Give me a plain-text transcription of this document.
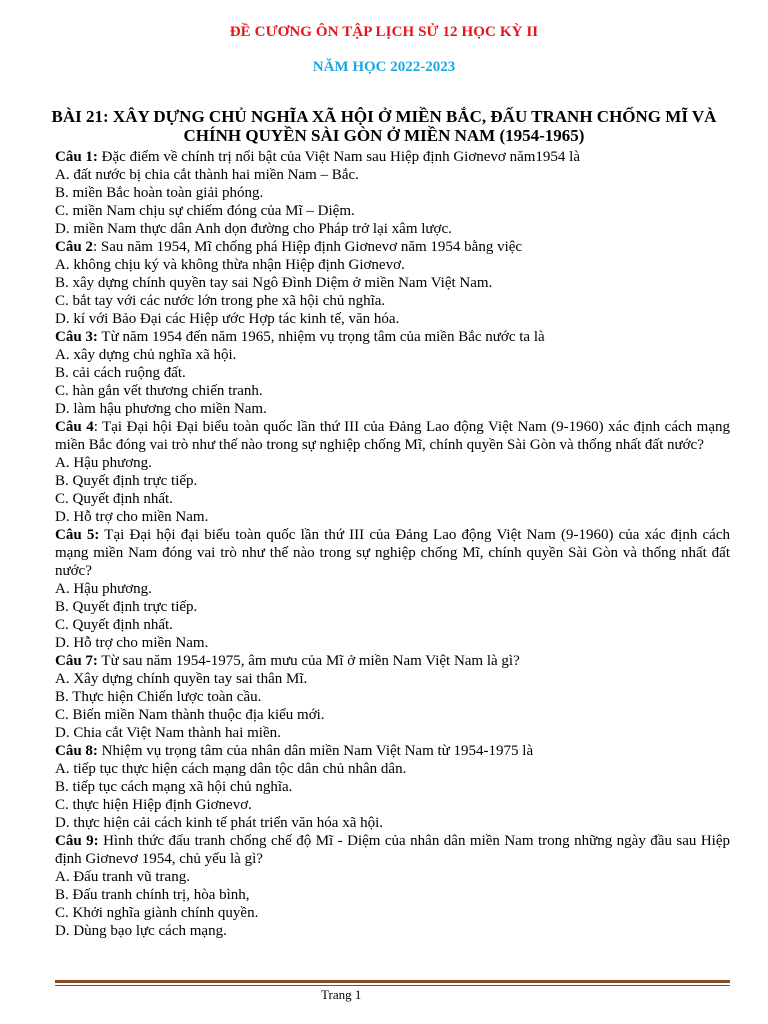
ĐỀ CƯƠNG ÔN TẬP LỊCH SỬ 12 HỌC KỲ II
NĂM HỌC 2022-2023
BÀI 21: XÂY DỰNG CHỦ NGHĨA XÃ HỘI Ở MIỀN BẮC, ĐẤU TRANH CHỐNG MĨ VÀ CHÍNH QUYỀN SÀI GÒN Ở MIỀN NAM (1954-1965)
Câu 1: Đặc điểm về chính trị nổi bật của Việt Nam sau Hiệp định Giơnevơ năm1954 là
A. đất nước bị chia cắt thành hai miền Nam – Bắc.
B. miền Bắc hoàn toàn giải phóng.
C. miền Nam chịu sự chiếm đóng của Mĩ – Diệm.
D. miền Nam thực dân Anh dọn đường cho Pháp trở lại xâm lược.
Câu 2: Sau năm 1954, Mĩ chống phá Hiệp định Giơnevơ năm 1954 bằng việc
A. không chịu ký và không thừa nhận Hiệp định Giơnevơ.
B. xây dựng chính quyền tay sai Ngô Đình Diệm ở miền Nam Việt Nam.
C. bắt tay với các nước lớn trong phe xã hội chủ nghĩa.
D. kí với Bảo Đại các Hiệp ước Hợp tác kinh tế, văn hóa.
Câu 3: Từ năm 1954 đến năm 1965, nhiệm vụ trọng tâm của miền Bắc nước ta là
A. xây dựng chủ nghĩa xã hội.
B. cải cách ruộng đất.
C. hàn gắn vết thương chiến tranh.
D. làm hậu phương cho miền Nam.
Câu 4: Tại Đại hội Đại biểu toàn quốc lần thứ III của Đảng Lao động Việt Nam (9-1960) xác định cách mạng miền Bắc đóng vai trò như thế nào trong sự nghiệp chống Mĩ, chính quyền Sài Gòn và thống nhất đất nước?
A. Hậu phương.
B. Quyết định trực tiếp.
C. Quyết định nhất.
D. Hỗ trợ cho miền Nam.
Câu 5: Tại Đại hội đại biểu toàn quốc lần thứ III của Đảng Lao động Việt Nam (9-1960) của xác định cách mạng miền Nam đóng vai trò như thế nào trong sự nghiệp chống Mĩ, chính quyền Sài Gòn và thống nhất đất nước?
A. Hậu phương.
B. Quyết định trực tiếp.
C. Quyết định nhất.
D. Hỗ trợ cho miền Nam.
Câu 7: Từ sau năm 1954-1975, âm mưu của Mĩ ở miền Nam Việt Nam là gì?
A. Xây dựng chính quyền tay sai thân Mĩ.
B. Thực hiện Chiến lược toàn cầu.
C. Biến miền Nam thành thuộc địa kiểu mới.
D. Chia cắt Việt Nam thành hai miền.
Câu 8: Nhiệm vụ trọng tâm của nhân dân miền Nam Việt Nam từ 1954-1975 là
A. tiếp tục thực hiện cách mạng dân tộc dân chủ nhân dân.
B. tiếp tục cách mạng xã hội chủ nghĩa.
C. thực hiện Hiệp định Giơnevơ.
D. thực hiện cải cách kinh tế phát triển văn hóa xã hội.
Câu 9: Hình thức đấu tranh chống chế độ Mĩ - Diệm của nhân dân miền Nam trong những ngày đầu sau Hiệp định Giơnevơ 1954, chủ yếu là gì?
A. Đấu tranh vũ trang.
B. Đấu tranh chính trị, hòa bình,
C. Khởi nghĩa giành chính quyền.
D. Dùng bạo lực cách mạng.
Trang 1
